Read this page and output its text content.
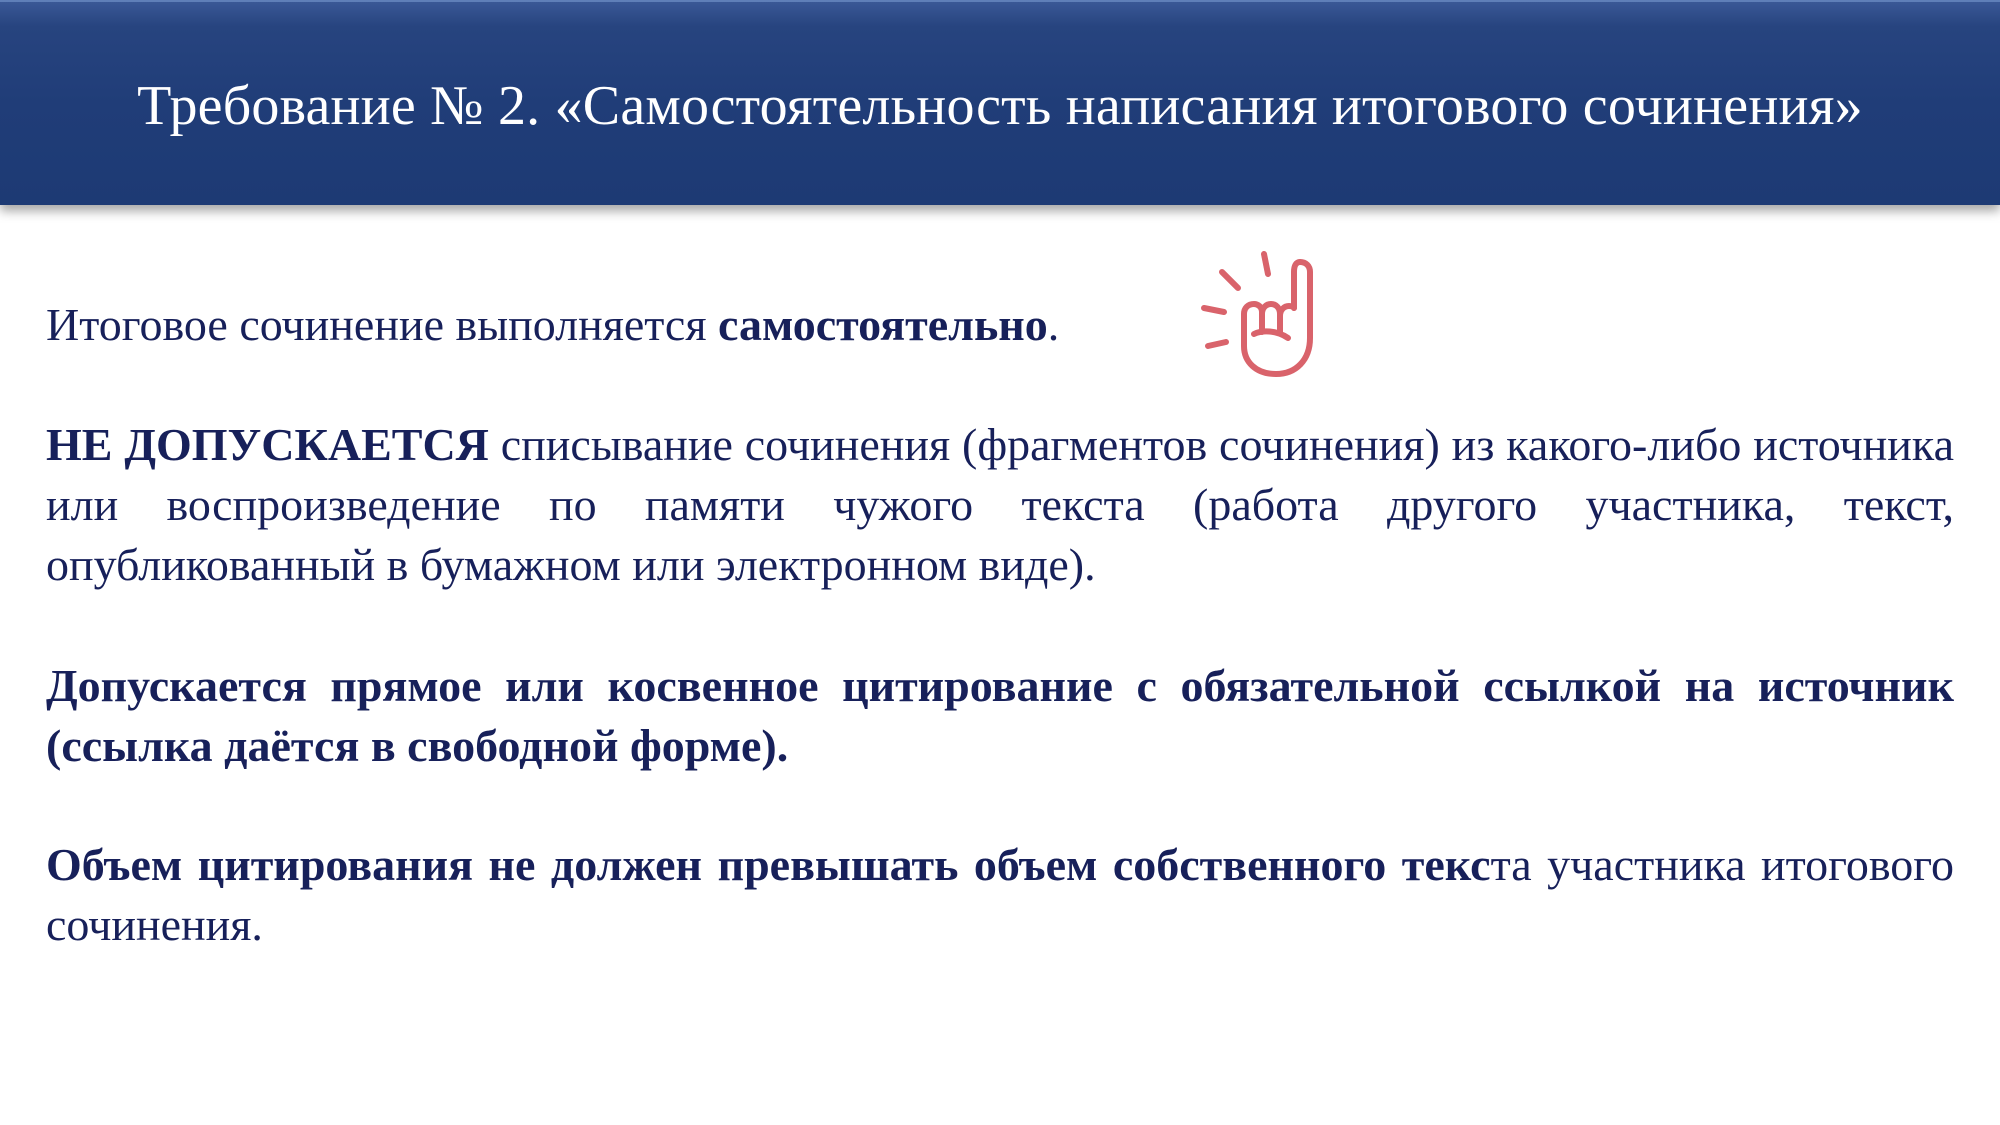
Требование № 2. «Самостоятельность написания итогового сочинения»

Итоговое сочинение выполняется самостоятельно.

НЕ ДОПУСКАЕТСЯ списывание сочинения (фрагментов сочинения) из какого-либо источника или воспроизведение по памяти чужого текста (работа другого участника, текст, опубликованный в бумажном или электронном виде).

Допускается прямое или косвенное цитирование с обязательной ссылкой на источник (ссылка даётся в свободной форме).

Объем цитирования не должен превышать объем собственного текста участника итогового сочинения.
